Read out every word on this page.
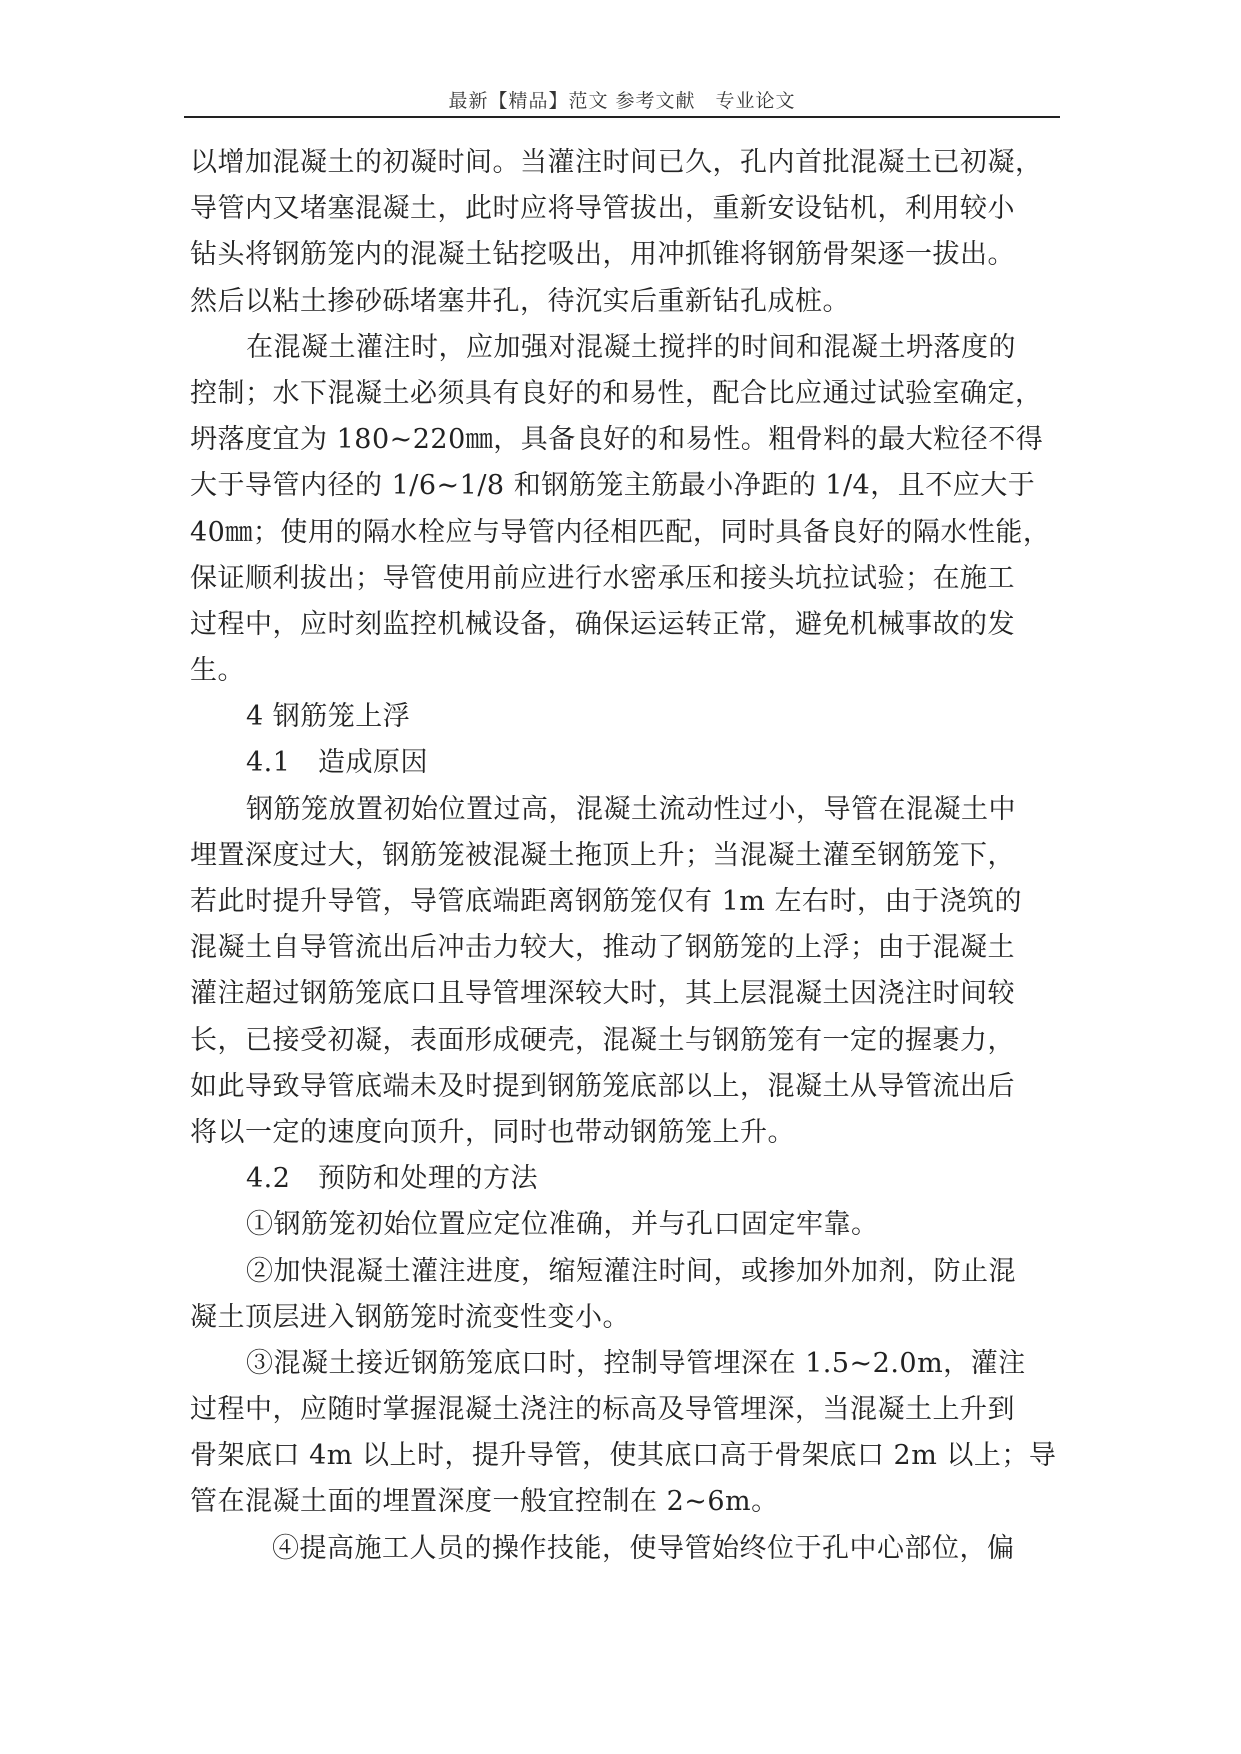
最新【精品】范文 参考文献　专业论文
以增加混凝土的初凝时间。当灌注时间已久，孔内首批混凝土已初凝，
导管内又堵塞混凝土，此时应将导管拔出，重新安设钻机，利用较小
钻头将钢筋笼内的混凝土钻挖吸出，用冲抓锥将钢筋骨架逐一拔出。
然后以粘土掺砂砾堵塞井孔，待沉实后重新钻孔成桩。
在混凝土灌注时，应加强对混凝土搅拌的时间和混凝土坍落度的
控制；水下混凝土必须具有良好的和易性，配合比应通过试验室确定，
坍落度宜为 180~220㎜，具备良好的和易性。粗骨料的最大粒径不得
大于导管内径的 1/6~1/8 和钢筋笼主筋最小净距的 1/4，且不应大于
40㎜；使用的隔水栓应与导管内径相匹配，同时具备良好的隔水性能，
保证顺利拔出；导管使用前应进行水密承压和接头坑拉试验；在施工
过程中，应时刻监控机械设备，确保运运转正常，避免机械事故的发
生。
4 钢筋笼上浮
4.1　造成原因
钢筋笼放置初始位置过高，混凝土流动性过小，导管在混凝土中
埋置深度过大，钢筋笼被混凝土拖顶上升；当混凝土灌至钢筋笼下，
若此时提升导管，导管底端距离钢筋笼仅有 1m 左右时，由于浇筑的
混凝土自导管流出后冲击力较大，推动了钢筋笼的上浮；由于混凝土
灌注超过钢筋笼底口且导管埋深较大时，其上层混凝土因浇注时间较
长，已接受初凝，表面形成硬壳，混凝土与钢筋笼有一定的握裹力，
如此导致导管底端未及时提到钢筋笼底部以上，混凝土从导管流出后
将以一定的速度向顶升，同时也带动钢筋笼上升。
4.2　预防和处理的方法
①钢筋笼初始位置应定位准确，并与孔口固定牢靠。
②加快混凝土灌注进度，缩短灌注时间，或掺加外加剂，防止混
凝土顶层进入钢筋笼时流变性变小。
③混凝土接近钢筋笼底口时，控制导管埋深在 1.5~2.0m，灌注
过程中，应随时掌握混凝土浇注的标高及导管埋深，当混凝土上升到
骨架底口 4m 以上时，提升导管，使其底口高于骨架底口 2m 以上；导
管在混凝土面的埋置深度一般宜控制在 2~6m。
④提高施工人员的操作技能，使导管始终位于孔中心部位，偏
